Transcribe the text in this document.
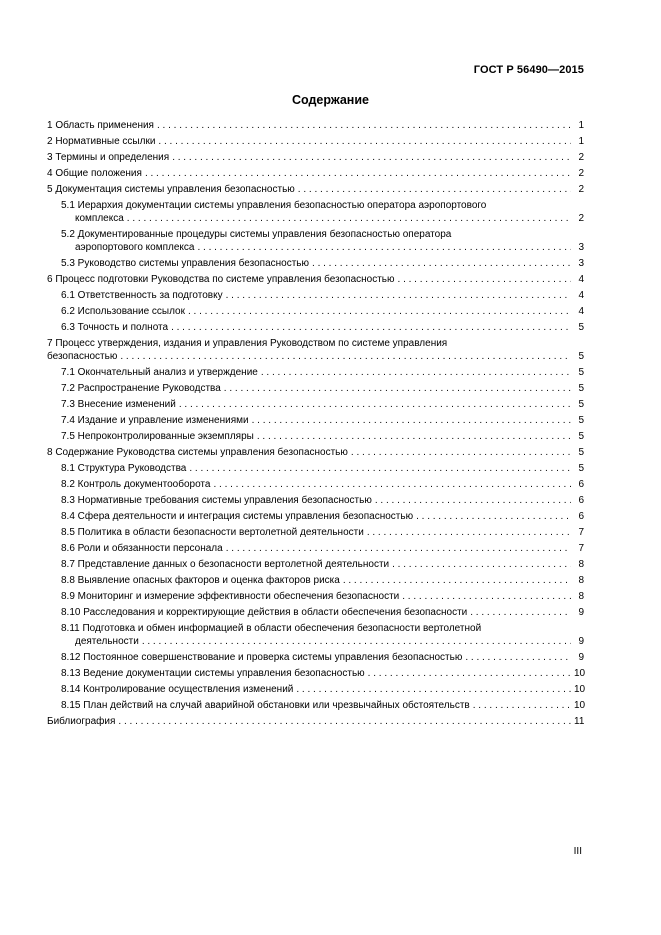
ГОСТ Р 56490—2015
Содержание
1 Область применения . . .	1
2 Нормативные ссылки . . .	1
3 Термины и определения . . .	2
4 Общие положения . . .	2
5 Документация системы управления безопасностью . . .	2
5.1 Иерархия документации системы управления безопасностью оператора аэропортового
комплекса . . .	2
5.2 Документированные процедуры системы управления безопасностью оператора
аэропортового комплекса . . .	3
5.3 Руководство системы управления безопасностью . . .	3
6 Процесс подготовки Руководства по системе управления безопасностью . . .	4
6.1 Ответственность за подготовку . . .	4
6.2 Использование ссылок . . .	4
6.3 Точность и полнота . . .	5
7 Процесс утверждения, издания и управления Руководством по системе управления
безопасностью . . .	5
7.1 Окончательный анализ и утверждение . . .	5
7.2 Распространение Руководства . . .	5
7.3 Внесение изменений . . .	5
7.4 Издание и управление изменениями . . .	5
7.5 Непроконтролированные экземпляры . . .	5
8 Содержание Руководства системы управления безопасностью . . .	5
8.1 Структура Руководства . . .	5
8.2 Контроль документооборота . . .	6
8.3 Нормативные требования системы управления безопасностью . . .	6
8.4 Сфера деятельности и интеграция системы управления безопасностью . . .	6
8.5 Политика в области безопасности вертолетной деятельности . . .	7
8.6 Роли и обязанности персонала . . .	7
8.7 Представление данных о безопасности вертолетной деятельности . . .	8
8.8 Выявление опасных факторов и оценка факторов риска . . .	8
8.9 Мониторинг и измерение эффективности обеспечения безопасности . . .	8
8.10 Расследования и корректирующие действия в области обеспечения безопасности . . .	9
8.11 Подготовка и обмен информацией в области обеспечения безопасности вертолетной
деятельности . . .	9
8.12 Постоянное совершенствование и проверка системы управления безопасностью . . .	9
8.13 Ведение документации системы управления безопасностью . . .	10
8.14 Контролирование осуществления изменений . . .	10
8.15 План действий на случай аварийной обстановки или чрезвычайных обстоятельств . . .	10
Библиография . . .	11
III
